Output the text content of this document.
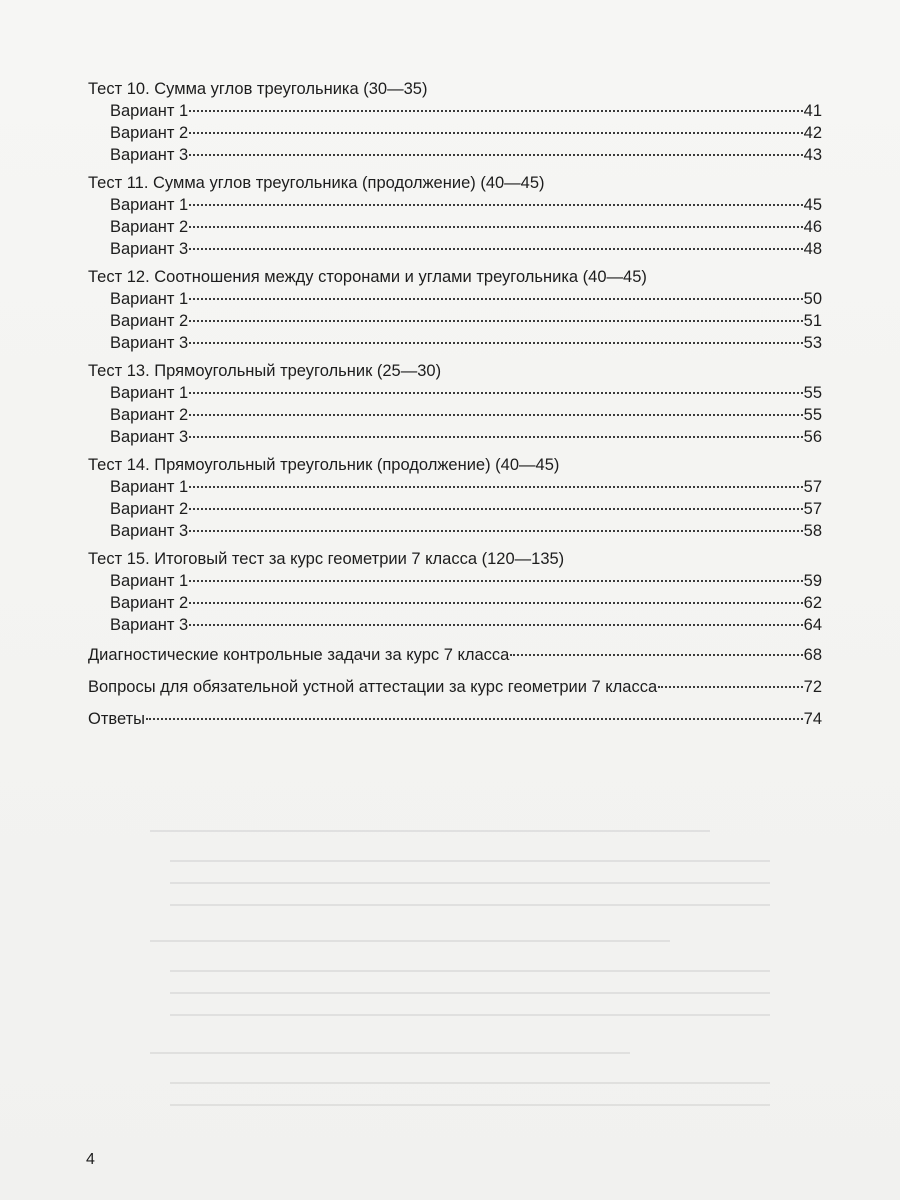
Тест 10. Сумма углов треугольника (30—35)
Вариант 1	41
Вариант 2	42
Вариант 3	43
Тест 11. Сумма углов треугольника (продолжение) (40—45)
Вариант 1	45
Вариант 2	46
Вариант 3	48
Тест 12. Соотношения между сторонами и углами треугольника (40—45)
Вариант 1	50
Вариант 2	51
Вариант 3	53
Тест 13. Прямоугольный треугольник (25—30)
Вариант 1	55
Вариант 2	55
Вариант 3	56
Тест 14. Прямоугольный треугольник (продолжение) (40—45)
Вариант 1	57
Вариант 2	57
Вариант 3	58
Тест 15. Итоговый тест за курс геометрии 7 класса (120—135)
Вариант 1	59
Вариант 2	62
Вариант 3	64
Диагностические контрольные задачи за курс 7 класса	68
Вопросы для обязательной устной аттестации за курс геометрии 7 класса	72
Ответы	74
4
